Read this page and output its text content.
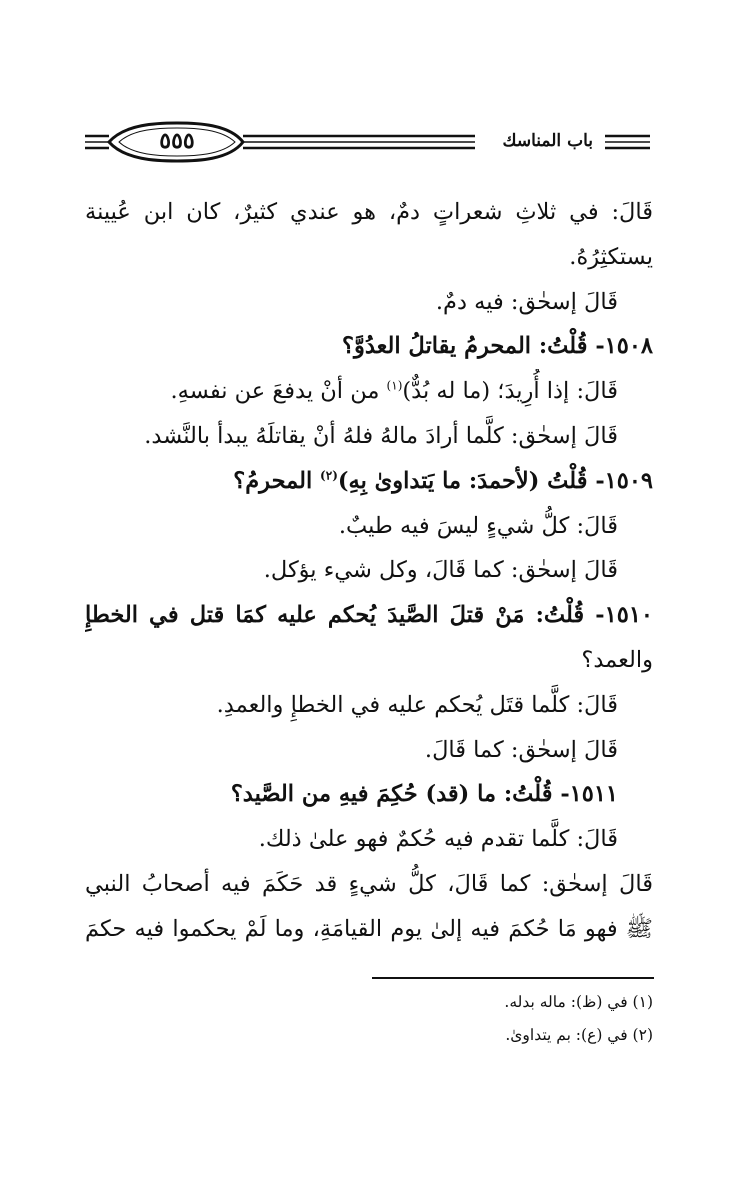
٥٥٥	باب المناسك
قَالَ: في ثلاثِ شعراتٍ دمٌ، هو عندي كثيرٌ، كان ابن عُيينة
يستكثِرُهُ.
قَالَ إسحٰق: فيه دمٌ.
١٥٠٨- قُلْتُ: المحرمُ يقاتلُ العدُوَّ؟
قَالَ: إذا أُرِيدَ؛ (ما له بُدٌّ)$^{(١)}$ من أنْ يدفعَ عن نفسهِ.
قَالَ إسحٰق: كلَّما أرادَ مالهُ فلهُ أنْ يقاتلَهُ يبدأ بالنَّشد.
١٥٠٩- قُلْتُ (لأحمدَ: ما يَتداوىٰ بِهِ)$^{(٢)}$ المحرمُ؟
قَالَ: كلُّ شيءٍ ليسَ فيه طيبٌ.
قَالَ إسحٰق: كما قَالَ، وكل شيء يؤكل.
١٥١٠- قُلْتُ: مَنْ قتلَ الصَّيدَ يُحكم عليه كمَا قتل في الخطإِ
والعمد؟
قَالَ: كلَّما قتَل يُحكم عليه في الخطإِ والعمدِ.
قَالَ إسحٰق: كما قَالَ.
١٥١١- قُلْتُ: ما (قد) حُكِمَ فيهِ من الصَّيد؟
قَالَ: كلَّما تقدم فيه حُكمٌ فهو علىٰ ذلك.
قَالَ إسحٰق: كما قَالَ، كلُّ شيءٍ قد حَكَمَ فيه أصحابُ النبي
ﷺ فهو مَا حُكمَ فيه إلىٰ يوم القيامَةِ، وما لَمْ يحكموا فيه حكمَ
(١) في (ظ): ماله بدله.
(٢) في (ع): بم يتداوىٰ.
